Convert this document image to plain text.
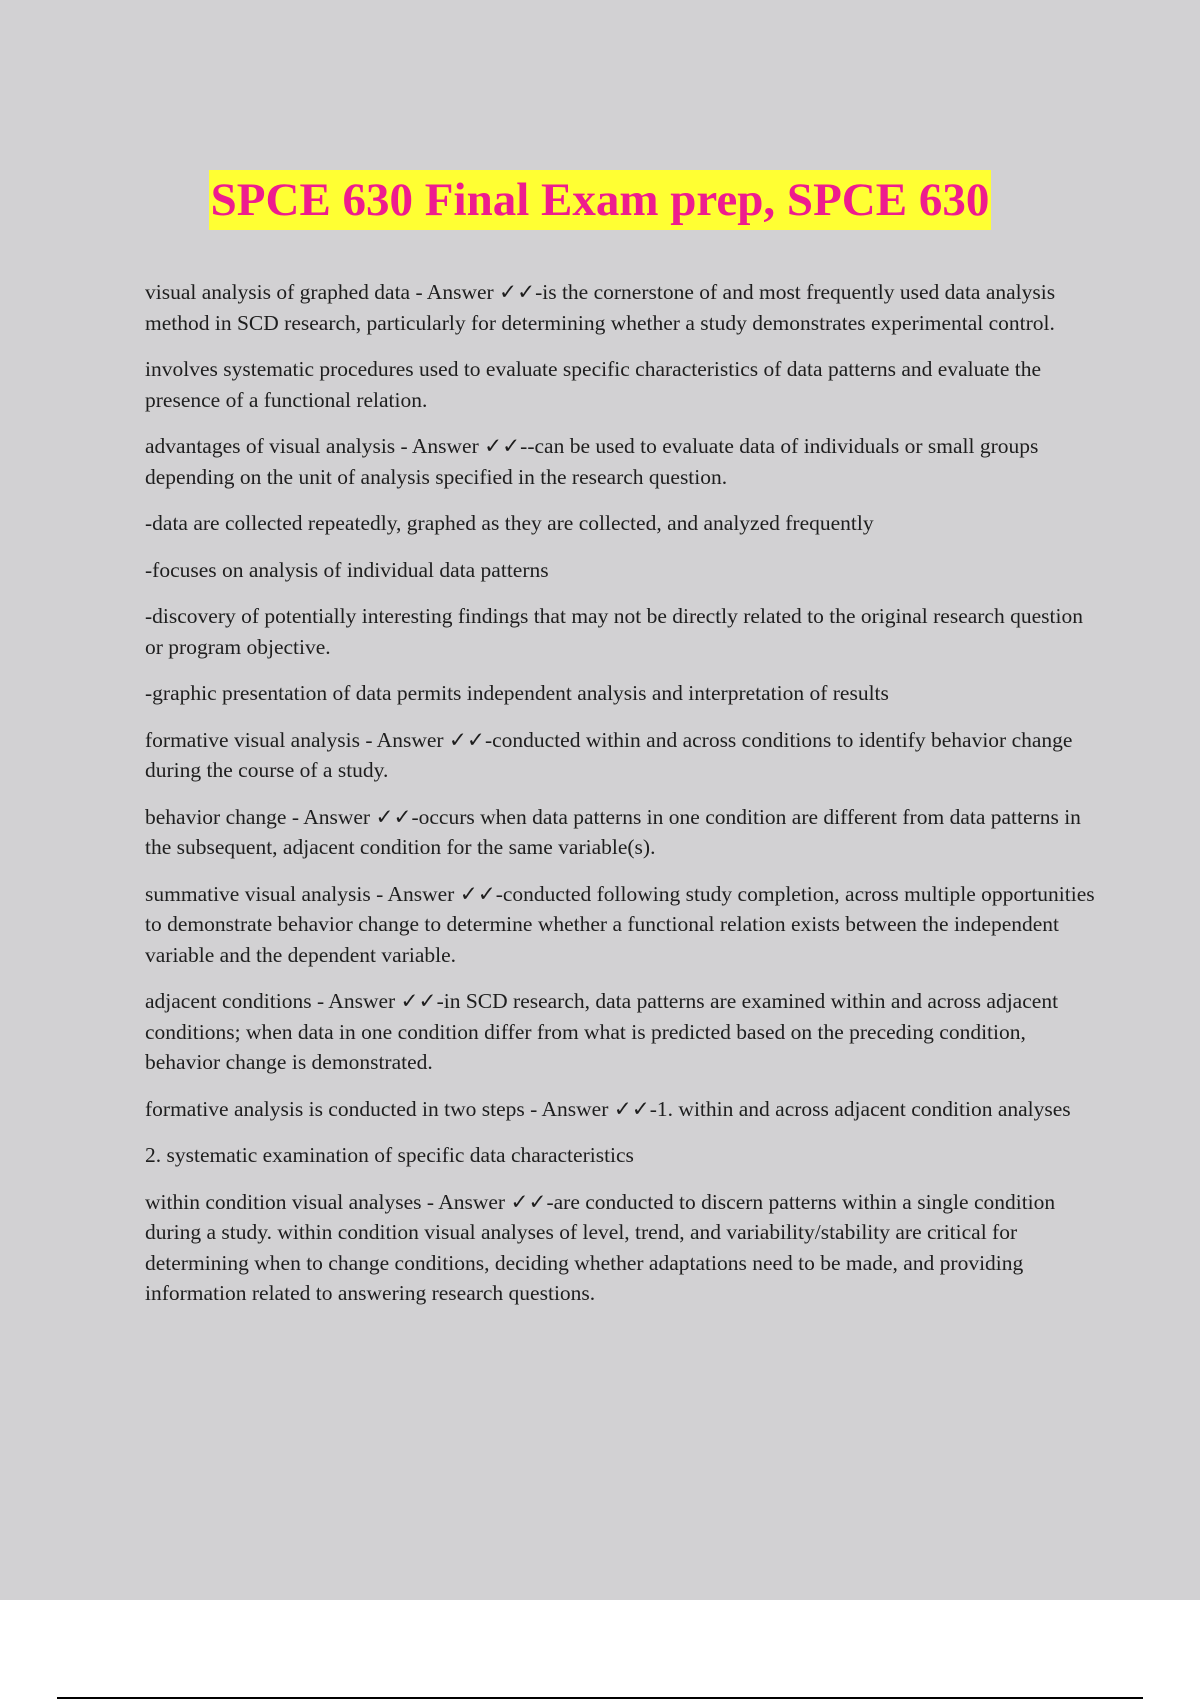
SPCE 630 Final Exam prep, SPCE 630

visual analysis of graphed data - Answer ✓✓-is the cornerstone of and most frequently used data analysis method in SCD research, particularly for determining whether a study demonstrates experimental control.

involves systematic procedures used to evaluate specific characteristics of data patterns and evaluate the presence of a functional relation.

advantages of visual analysis - Answer ✓✓--can be used to evaluate data of individuals or small groups depending on the unit of analysis specified in the research question.

-data are collected repeatedly, graphed as they are collected, and analyzed frequently

-focuses on analysis of individual data patterns

-discovery of potentially interesting findings that may not be directly related to the original research question or program objective.

-graphic presentation of data permits independent analysis and interpretation of results

formative visual analysis - Answer ✓✓-conducted within and across conditions to identify behavior change during the course of a study.

behavior change - Answer ✓✓-occurs when data patterns in one condition are different from data patterns in the subsequent, adjacent condition for the same variable(s).

summative visual analysis - Answer ✓✓-conducted following study completion, across multiple opportunities to demonstrate behavior change to determine whether a functional relation exists between the independent variable and the dependent variable.

adjacent conditions - Answer ✓✓-in SCD research, data patterns are examined within and across adjacent conditions; when data in one condition differ from what is predicted based on the preceding condition, behavior change is demonstrated.

formative analysis is conducted in two steps - Answer ✓✓-1. within and across adjacent condition analyses

2. systematic examination of specific data characteristics

within condition visual analyses - Answer ✓✓-are conducted to discern patterns within a single condition during a study. within condition visual analyses of level, trend, and variability/stability are critical for determining when to change conditions, deciding whether adaptations need to be made, and providing information related to answering research questions.
